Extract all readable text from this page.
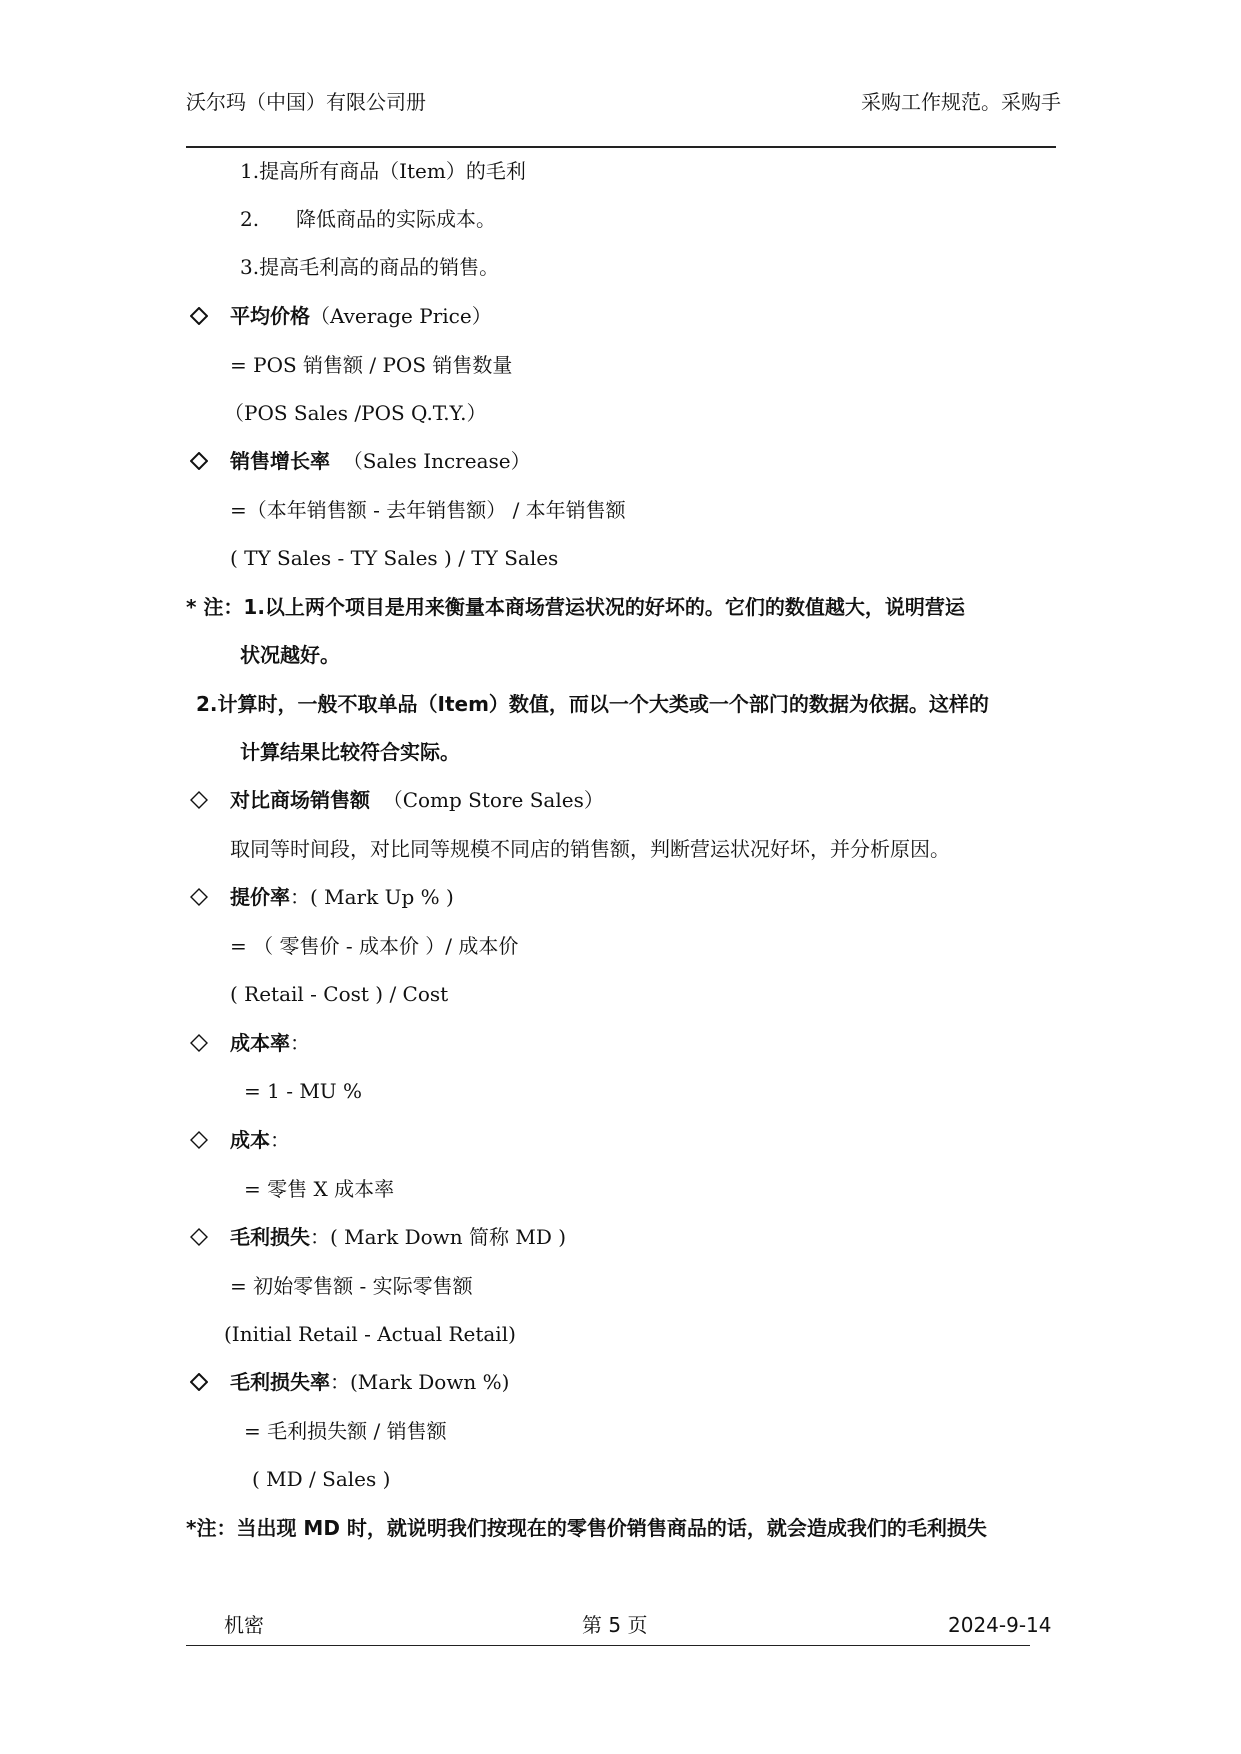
沃尔玛（中国）有限公司册	采购工作规范。采购手
1.提高所有商品（Item）的毛利
2. 降低商品的实际成本。
3.提高毛利高的商品的销售。
平均价格（Average Price）
= POS 销售额 / POS 销售数量
（POS Sales /POS Q.T.Y.）
销售增长率 （Sales Increase）
=（本年销售额 - 去年销售额） / 本年销售额
( TY Sales - TY Sales ) / TY Sales
* 注：1.以上两个项目是用来衡量本商场营运状况的好坏的。它们的数值越大，说明营运
状况越好。
2.计算时，一般不取单品（Item）数值，而以一个大类或一个部门的数据为依据。这样的
计算结果比较符合实际。
对比商场销售额 （Comp Store Sales）
取同等时间段，对比同等规模不同店的销售额，判断营运状况好坏，并分析原因。
提价率：( Mark Up % )
= （ 零售价 - 成本价 ）/ 成本价
( Retail - Cost ) / Cost
成本率：
= 1 - MU %
成本：
= 零售 X 成本率
毛利损失：( Mark Down 简称 MD )
= 初始零售额 - 实际零售额
(Initial Retail - Actual Retail)
毛利损失率：(Mark Down %)
= 毛利损失额 / 销售额
( MD / Sales )
*注：当出现 MD 时，就说明我们按现在的零售价销售商品的话，就会造成我们的毛利损失
机密	第 5 页	2024-9-14
